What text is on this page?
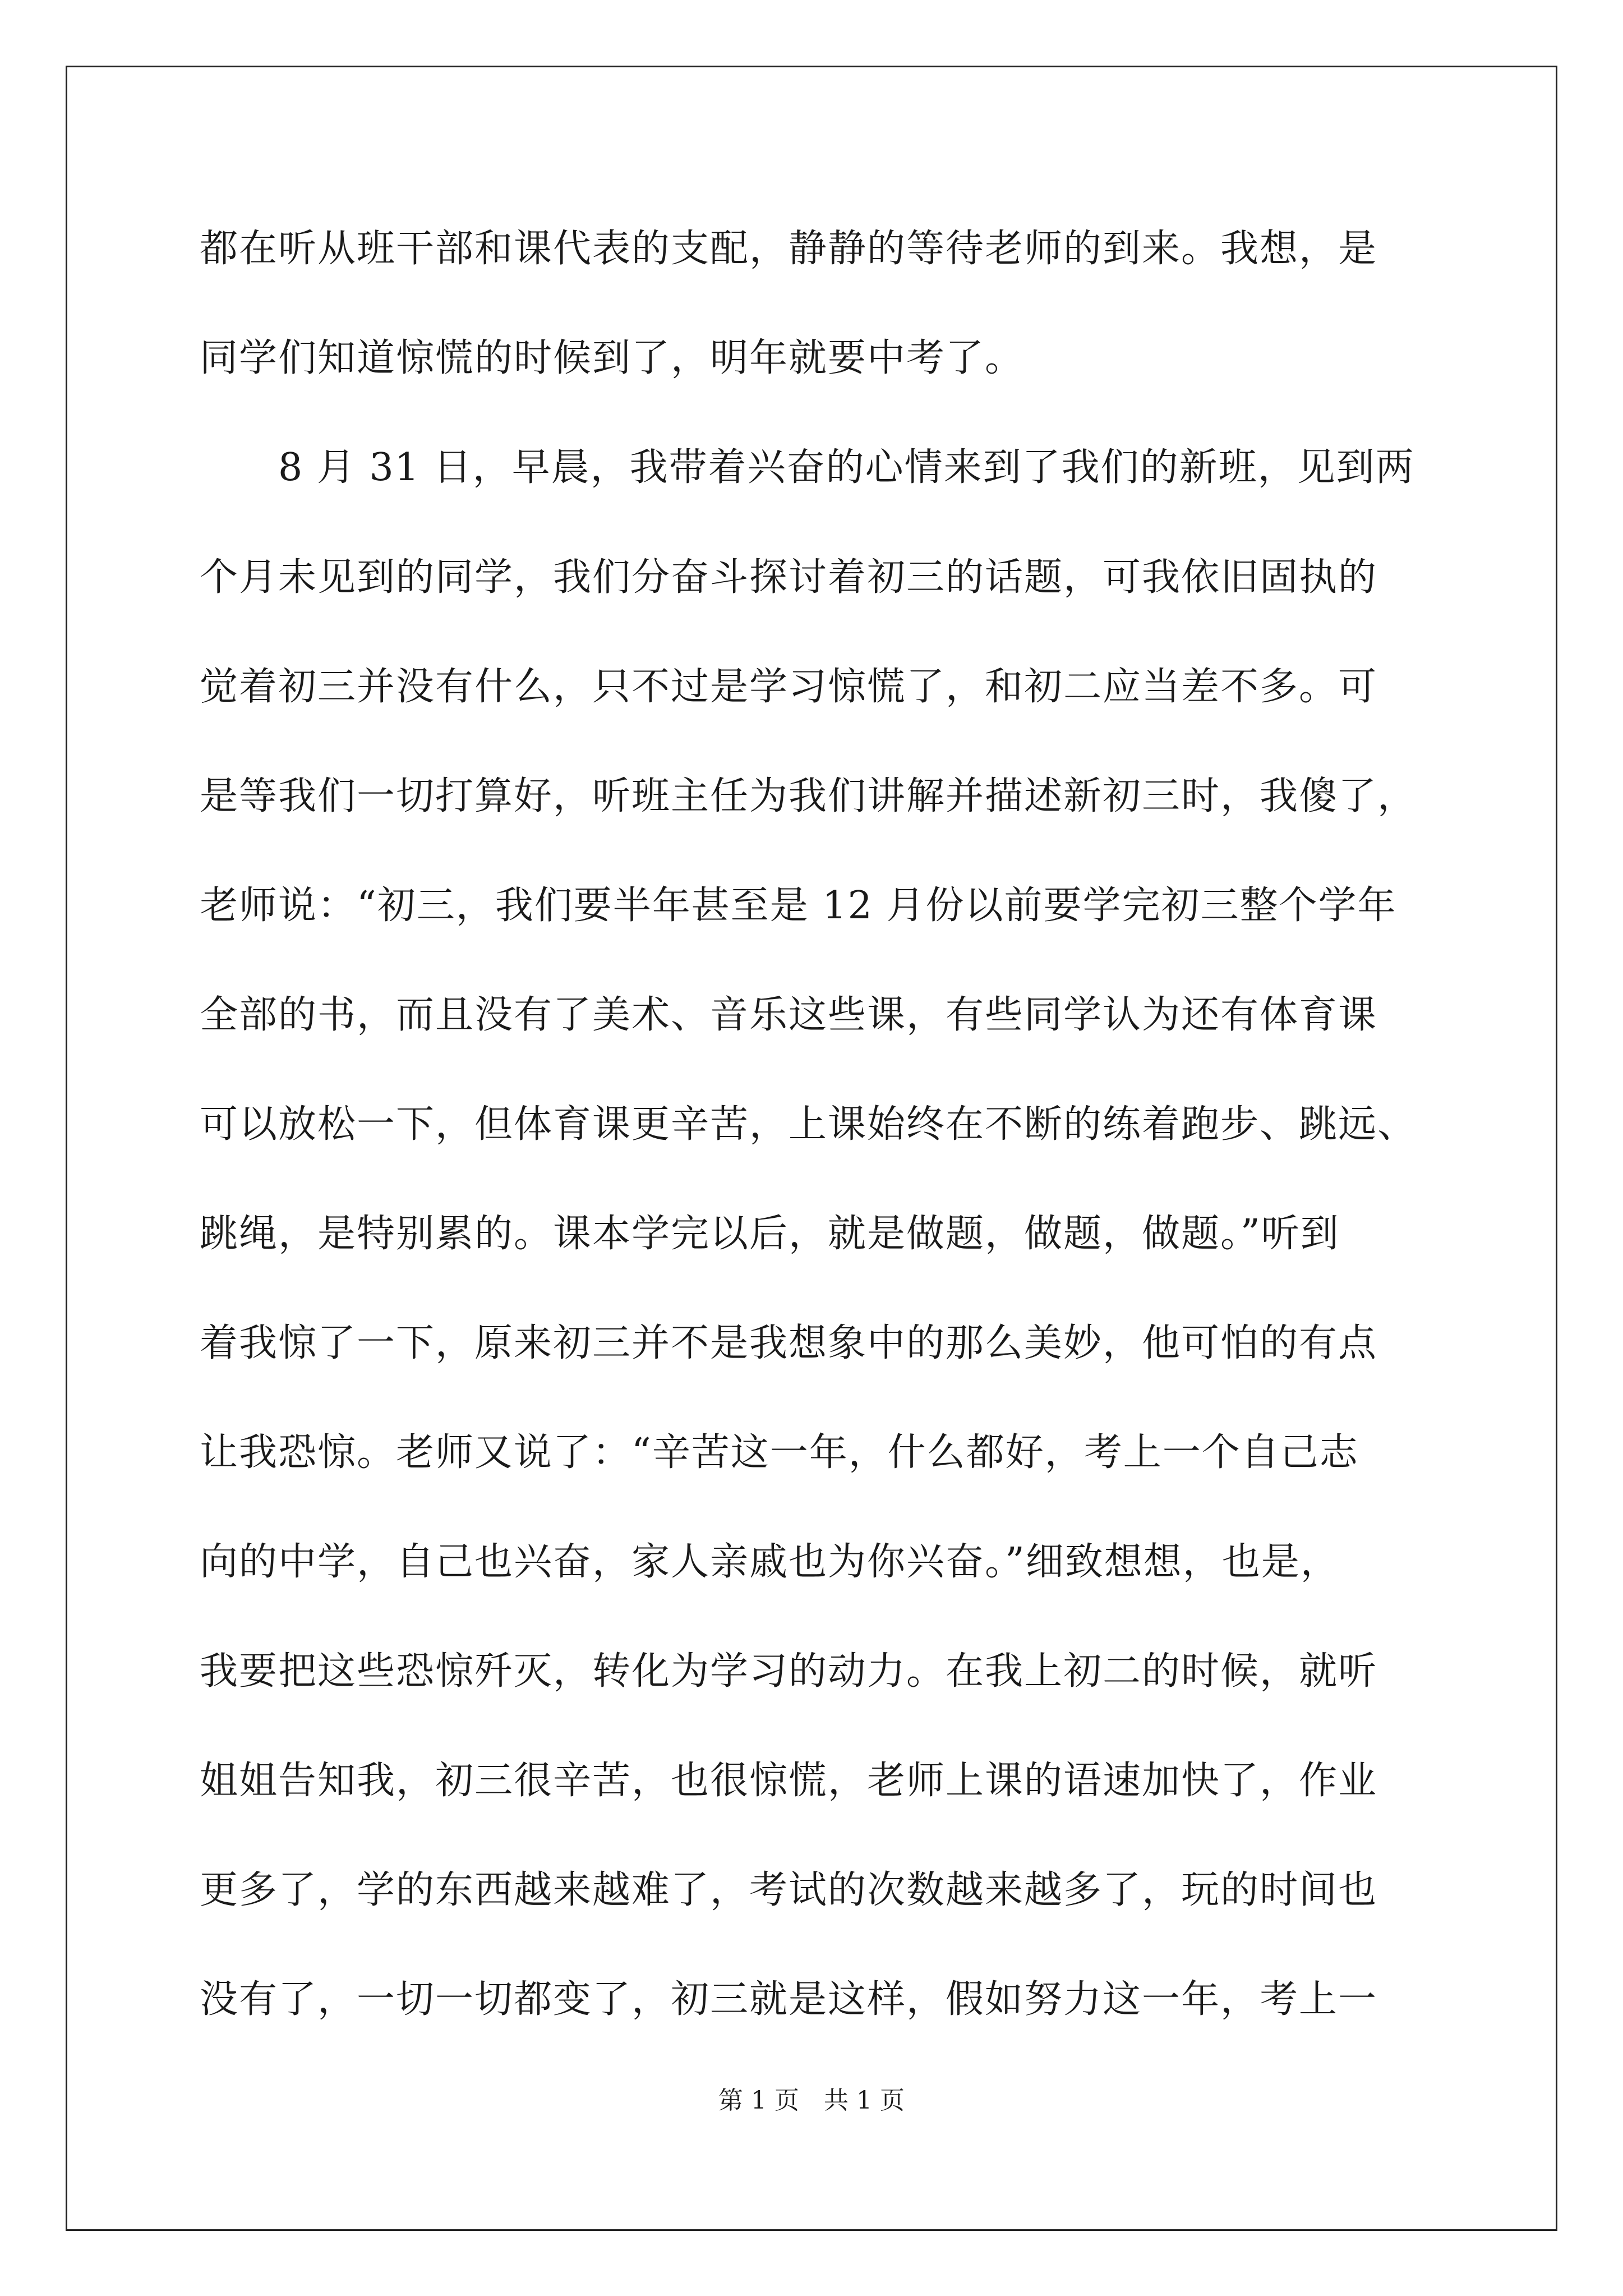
都在听从班干部和课代表的支配，静静的等待老师的到来。我想，是
同学们知道惊慌的时候到了，明年就要中考了。
　　8 月 31 日，早晨，我带着兴奋的心情来到了我们的新班，见到两
个月未见到的同学，我们分奋斗探讨着初三的话题，可我依旧固执的
觉着初三并没有什么，只不过是学习惊慌了，和初二应当差不多。可
是等我们一切打算好，听班主任为我们讲解并描述新初三时，我傻了，
老师说：“初三，我们要半年甚至是 12 月份以前要学完初三整个学年
全部的书，而且没有了美术、音乐这些课，有些同学认为还有体育课
可以放松一下，但体育课更辛苦，上课始终在不断的练着跑步、跳远、
跳绳，是特别累的。课本学完以后，就是做题，做题，做题。”听到
着我惊了一下，原来初三并不是我想象中的那么美妙，他可怕的有点
让我恐惊。老师又说了：“辛苦这一年，什么都好，考上一个自己志
向的中学，自己也兴奋，家人亲戚也为你兴奋。”细致想想，也是，
我要把这些恐惊歼灭，转化为学习的动力。在我上初二的时候，就听
姐姐告知我，初三很辛苦，也很惊慌，老师上课的语速加快了，作业
更多了，学的东西越来越难了，考试的次数越来越多了，玩的时间也
没有了，一切一切都变了，初三就是这样，假如努力这一年，考上一
第 1 页　共 1 页
